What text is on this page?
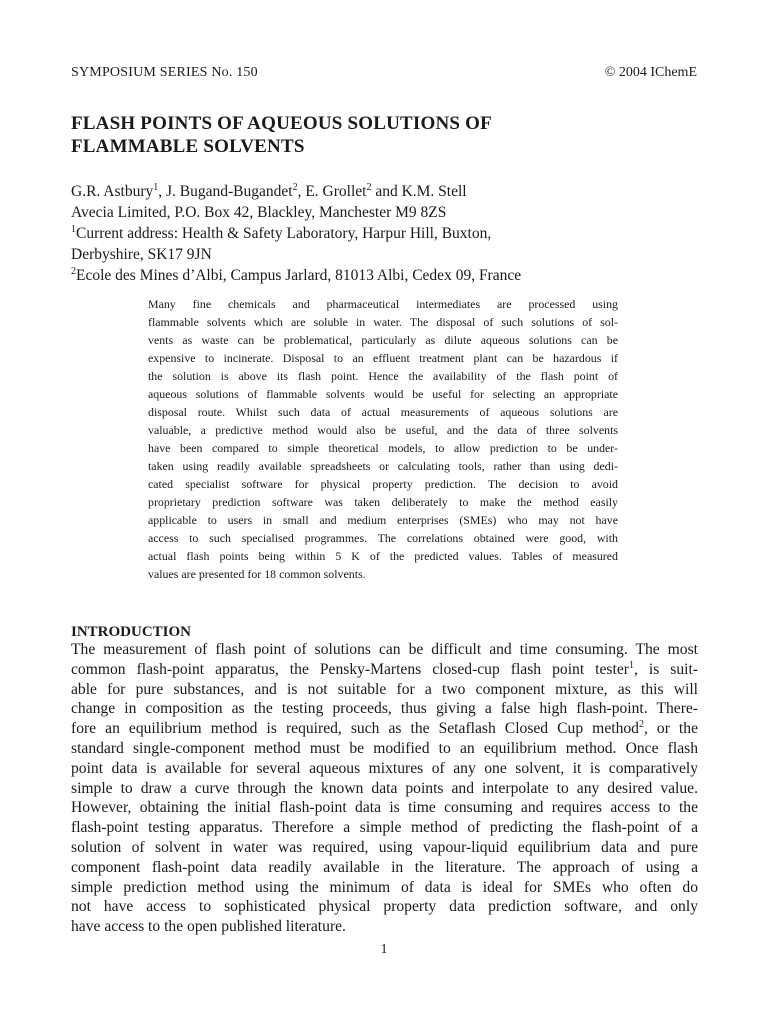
SYMPOSIUM SERIES No. 150	© 2004 IChemE
FLASH POINTS OF AQUEOUS SOLUTIONS OF
FLAMMABLE SOLVENTS
G.R. Astbury$^1$, J. Bugand-Bugandet$^2$, E. Grollet$^2$ and K.M. Stell
Avecia Limited, P.O. Box 42, Blackley, Manchester M9 8ZS
$^1$Current address: Health & Safety Laboratory, Harpur Hill, Buxton,
Derbyshire, SK17 9JN
$^2$Ecole des Mines d’Albi, Campus Jarlard, 81013 Albi, Cedex 09, France
Many fine chemicals and pharmaceutical intermediates are processed using
flammable solvents which are soluble in water. The disposal of such solutions of sol-
vents as waste can be problematical, particularly as dilute aqueous solutions can be
expensive to incinerate. Disposal to an effluent treatment plant can be hazardous if
the solution is above its flash point. Hence the availability of the flash point of
aqueous solutions of flammable solvents would be useful for selecting an appropriate
disposal route. Whilst such data of actual measurements of aqueous solutions are
valuable, a predictive method would also be useful, and the data of three solvents
have been compared to simple theoretical models, to allow prediction to be under-
taken using readily available spreadsheets or calculating tools, rather than using dedi-
cated specialist software for physical property prediction. The decision to avoid
proprietary prediction software was taken deliberately to make the method easily
applicable to users in small and medium enterprises (SMEs) who may not have
access to such specialised programmes. The correlations obtained were good, with
actual flash points being within 5 K of the predicted values. Tables of measured
values are presented for 18 common solvents.
INTRODUCTION
The measurement of flash point of solutions can be difficult and time consuming. The most
common flash-point apparatus, the Pensky-Martens closed-cup flash point tester$^1$, is suit-
able for pure substances, and is not suitable for a two component mixture, as this will
change in composition as the testing proceeds, thus giving a false high flash-point. There-
fore an equilibrium method is required, such as the Setaflash Closed Cup method$^2$, or the
standard single-component method must be modified to an equilibrium method. Once flash
point data is available for several aqueous mixtures of any one solvent, it is comparatively
simple to draw a curve through the known data points and interpolate to any desired value.
However, obtaining the initial flash-point data is time consuming and requires access to the
flash-point testing apparatus. Therefore a simple method of predicting the flash-point of a
solution of solvent in water was required, using vapour-liquid equilibrium data and pure
component flash-point data readily available in the literature. The approach of using a
simple prediction method using the minimum of data is ideal for SMEs who often do
not have access to sophisticated physical property data prediction software, and only
have access to the open published literature.
1
